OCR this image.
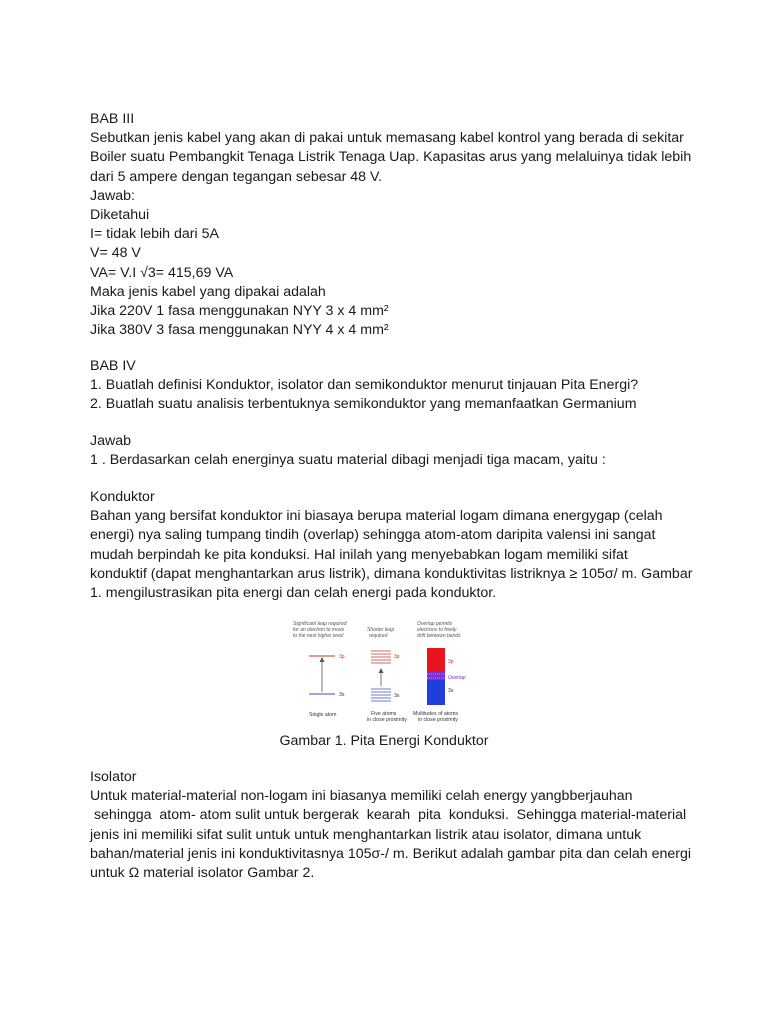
BAB III
Sebutkan jenis kabel yang akan di pakai untuk memasang kabel kontrol yang berada di sekitar
Boiler suatu Pembangkit Tenaga Listrik Tenaga Uap. Kapasitas arus yang melaluinya tidak lebih
dari 5 ampere dengan tegangan sebesar 48 V.
Jawab:
Diketahui
I= tidak lebih dari 5A
V= 48 V
VA= V.I √3= 415,69 VA
Maka jenis kabel yang dipakai adalah
Jika 220V 1 fasa menggunakan NYY 3 x 4 mm²
Jika 380V 3 fasa menggunakan NYY 4 x 4 mm²
BAB IV
1. Buatlah definisi Konduktor, isolator dan semikonduktor menurut tinjauan Pita Energi?
2. Buatlah suatu analisis terbentuknya semikonduktor yang memanfaatkan Germanium
Jawab
1 . Berdasarkan celah energinya suatu material dibagi menjadi tiga macam, yaitu :
Konduktor
Bahan yang bersifat konduktor ini biasaya berupa material logam dimana energygap (celah
energi) nya saling tumpang tindih (overlap) sehingga atom-atom daripita valensi ini sangat
mudah berpindah ke pita konduksi. Hal inilah yang menyebabkan logam memiliki sifat
konduktif (dapat menghantarkan arus listrik), dimana konduktivitas listriknya ≥ 105σ/ m. Gambar
1. mengilustrasikan pita energi dan celah energi pada konduktor.
Significant leap required
for an electron to move
to the next higher level
Shorter leap
required
Overlap permits
electrons to freely
drift between bands
3p
3s
3p
3s
3p
Overlap
3s
Single atom	Five atoms
in close proximity
Multitudes of atoms
in close proximity
Gambar 1. Pita Energi Konduktor
Isolator
Untuk material-material non-logam ini biasanya memiliki celah energy yangbberjauhan
sehingga  atom- atom sulit untuk bergerak  kearah  pita  konduksi.  Sehingga material-material
jenis ini memiliki sifat sulit untuk untuk menghantarkan listrik atau isolator, dimana untuk
bahan/material jenis ini konduktivitasnya 105σ-/ m. Berikut adalah gambar pita dan celah energi
untuk Ω material isolator Gambar 2.
